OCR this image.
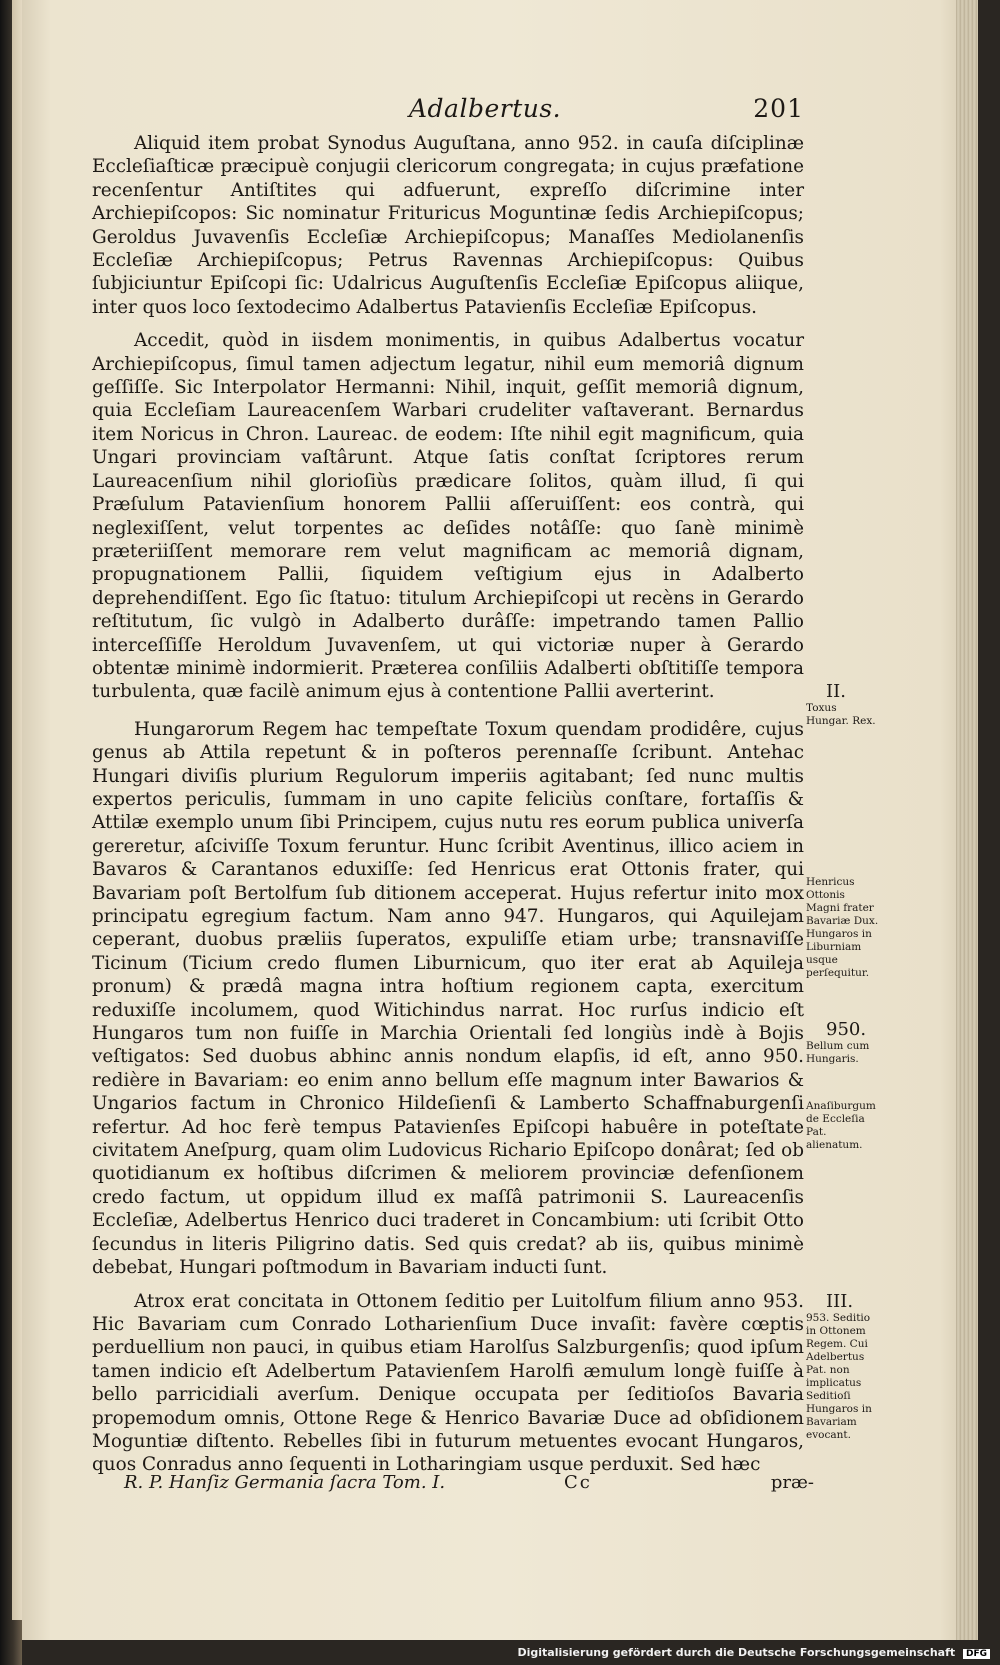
Adalbertus.	201

Aliquid item probat Synodus Auguſtana, anno 952. in cauſa diſciplinæ Eccleſiaſticæ præcipuè conjugii clericorum congregata; in cujus præfatione recenſentur Antiſtites qui adfuerunt, expreſſo diſcrimine inter Archiepiſcopos: Sic nominatur Frituricus Moguntinæ ſedis Archiepiſcopus; Geroldus Juvavenſis Eccleſiæ Archiepiſcopus; Manaſſes Mediolanenſis Eccleſiæ Archiepiſcopus; Petrus Ravennas Archiepiſcopus: Quibus ſubjiciuntur Epiſcopi ſic: Udalricus Auguſtenſis Eccleſiæ Epiſcopus aliique, inter quos loco ſextodecimo Adalbertus Patavienſis Eccleſiæ Epiſcopus.

Accedit, quòd in iisdem monimentis, in quibus Adalbertus vocatur Archiepiſcopus, ſimul tamen adjectum legatur, nihil eum memoriâ dignum geſſiſſe. Sic Interpolator Hermanni: Nihil, inquit, geſſit memoriâ dignum, quia Eccleſiam Laureacenſem Warbari crudeliter vaſtaverant. Bernardus item Noricus in Chron. Laureac. de eodem: Iſte nihil egit magnificum, quia Ungari provinciam vaſtârunt. Atque ſatis conſtat ſcriptores rerum Laureacenſium nihil glorioſiùs prædicare ſolitos, quàm illud, ſi qui Præſulum Patavienſium honorem Pallii aſſeruiſſent: eos contrà, qui neglexiſſent, velut torpentes ac deſides notâſſe: quo ſanè minimè præteriiſſent memorare rem velut magnificam ac memoriâ dignam, propugnationem Pallii, ſiquidem veſtigium ejus in Adalberto deprehendiſſent. Ego ſic ſtatuo: titulum Archiepiſcopi ut recèns in Gerardo reſtitutum, ſic vulgò in Adalberto durâſſe: impetrando tamen Pallio interceſſiſſe Heroldum Juvavenſem, ut qui victoriæ nuper à Gerardo obtentæ minimè indormierit. Præterea conſiliis Adalberti obſtitiſſe tempora turbulenta, quæ facilè animum ejus à contentione Pallii averterint.

Hungarorum Regem hac tempeſtate Toxum quendam prodidêre, cujus genus ab Attila repetunt & in poſteros perennaſſe ſcribunt. Antehac Hungari diviſis plurium Regulorum imperiis agitabant; ſed nunc multis expertos periculis, ſummam in uno capite feliciùs conſtare, fortaſſis & Attilæ exemplo unum ſibi Principem, cujus nutu res eorum publica univerſa gereretur, aſciviſſe Toxum feruntur. Hunc ſcribit Aventinus, illico aciem in Bavaros & Carantanos eduxiſſe: ſed Henricus erat Ottonis frater, qui Bavariam poſt Bertolfum ſub ditionem acceperat. Hujus refertur inito mox principatu egregium factum. Nam anno 947. Hungaros, qui Aquilejam ceperant, duobus præliis ſuperatos, expuliſſe etiam urbe; transnaviſſe Ticinum (Ticium credo flumen Liburnicum, quo iter erat ab Aquileja pronum) & prædâ magna intra hoſtium regionem capta, exercitum reduxiſſe incolumem, quod Witichindus narrat. Hoc rurſus indicio eſt Hungaros tum non fuiſſe in Marchia Orientali ſed longiùs indè à Bojis veſtigatos: Sed duobus abhinc annis nondum elapſis, id eſt, anno 950. redière in Bavariam: eo enim anno bellum eſſe magnum inter Bawarios & Ungarios factum in Chronico Hildeſienſi & Lamberto Schaffnaburgenſi refertur. Ad hoc ferè tempus Patavienſes Epiſcopi habuêre in poteſtate civitatem Aneſpurg, quam olim Ludovicus Richario Epiſcopo donârat; ſed ob quotidianum ex hoſtibus diſcrimen & meliorem provinciæ defenſionem credo factum, ut oppidum illud ex maſſâ patrimonii S. Laureacenſis Eccleſiæ, Adelbertus Henrico duci traderet in Concambium: uti ſcribit Otto ſecundus in literis Piligrino datis. Sed quis credat? ab iis, quibus minimè debebat, Hungari poſtmodum in Bavariam inducti ſunt.

Atrox erat concitata in Ottonem ſeditio per Luitolfum filium anno 953. Hic Bavariam cum Conrado Lotharienſium Duce invaſit: favère cœptis perduellium non pauci, in quibus etiam Harolſus Salzburgenſis; quod ipſum tamen indicio eſt Adelbertum Patavienſem Harolfi æmulum longè fuiſſe à bello parricidiali averſum. Denique occupata per ſeditioſos Bavaria propemodum omnis, Ottone Rege & Henrico Bavariæ Duce ad obſidionem Moguntiæ diſtento. Rebelles ſibi in futurum metuentes evocant Hungaros, quos Conradus anno ſequenti in Lotharingiam usque perduxit. Sed hæc

II.
Toxus Hungar. Rex.
Henricus Ottonis Magni frater Bavariæ Dux. Hungaros in Liburniam usque perſequitur.
950.
Bellum cum Hungaris.
Anaſiburgum de Eccleſia Pat. alienatum.
III.
953. Seditio in Ottonem Regem. Cui Adelbertus Pat. non implicatus Seditioſi Hungaros in Bavariam evocant.
R. P. Hanſiz Germania ſacra Tom. I.	Cc	præ-
Digitalisierung gefördert durch die Deutsche Forschungsgemeinschaft DFG
